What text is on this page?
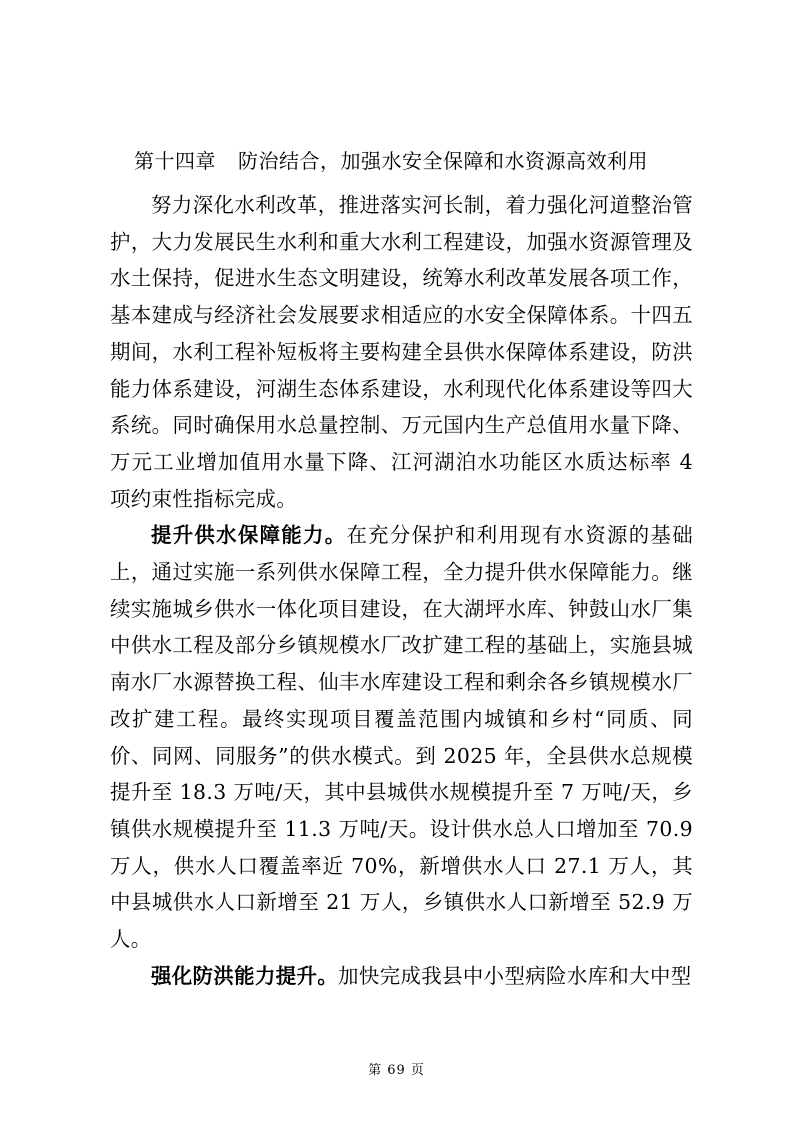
第十四章 防治结合，加强水安全保障和水资源高效利用

努力深化水利改革，推进落实河长制，着力强化河道整治管护，大力发展民生水利和重大水利工程建设，加强水资源管理及水土保持，促进水生态文明建设，统筹水利改革发展各项工作，基本建成与经济社会发展要求相适应的水安全保障体系。十四五期间，水利工程补短板将主要构建全县供水保障体系建设，防洪能力体系建设，河湖生态体系建设，水利现代化体系建设等四大系统。同时确保用水总量控制、万元国内生产总值用水量下降、万元工业增加值用水量下降、江河湖泊水功能区水质达标率 4 项约束性指标完成。

提升供水保障能力。在充分保护和利用现有水资源的基础上，通过实施一系列供水保障工程，全力提升供水保障能力。继续实施城乡供水一体化项目建设，在大湖坪水库、钟鼓山水厂集中供水工程及部分乡镇规模水厂改扩建工程的基础上，实施县城南水厂水源替换工程、仙丰水库建设工程和剩余各乡镇规模水厂改扩建工程。最终实现项目覆盖范围内城镇和乡村“同质、同价、同网、同服务”的供水模式。到 2025 年，全县供水总规模提升至 18.3 万吨/天，其中县城供水规模提升至 7 万吨/天，乡镇供水规模提升至 11.3 万吨/天。设计供水总人口增加至 70.9 万人，供水人口覆盖率近 70%，新增供水人口 27.1 万人，其中县城供水人口新增至 21 万人，乡镇供水人口新增至 52.9 万人。

强化防洪能力提升。加快完成我县中小型病险水库和大中型

第 69 页
